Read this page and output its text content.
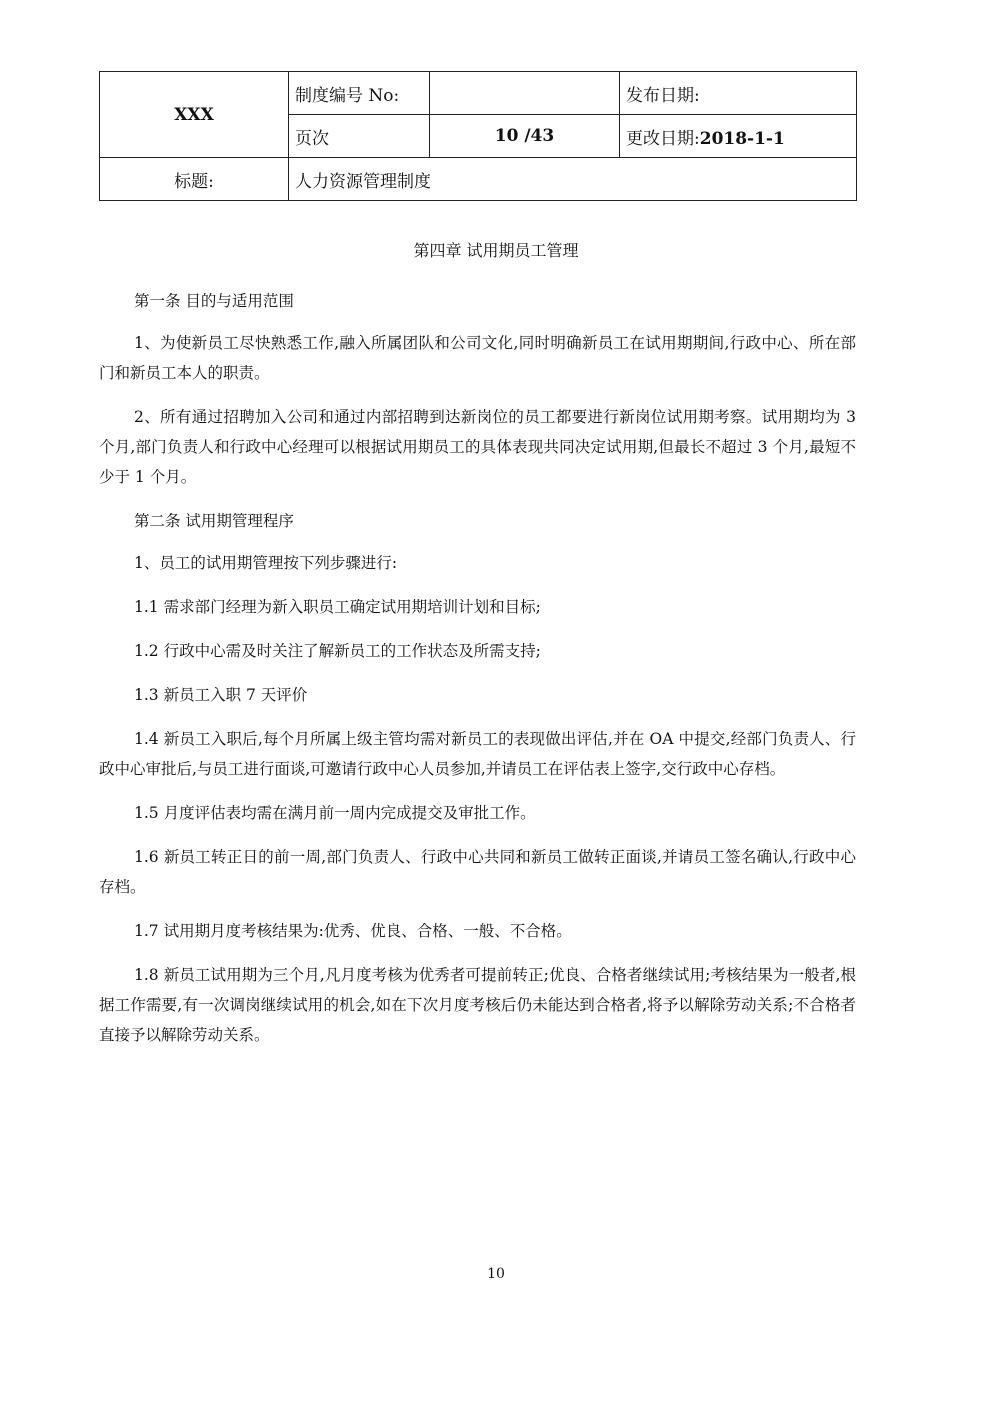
XXX	制度编号 No:		发布日期:
	页次	10 /43	更改日期:2018-1-1
标题:	人力资源管理制度		
第四章 试用期员工管理

第一条 目的与适用范围

1、为使新员工尽快熟悉工作,融入所属团队和公司文化,同时明确新员工在试用期期间,行政中心、所在部门和新员工本人的职责。

2、所有通过招聘加入公司和通过内部招聘到达新岗位的员工都要进行新岗位试用期考察。试用期均为 3 个月,部门负责人和行政中心经理可以根据试用期员工的具体表现共同决定试用期,但最长不超过 3 个月,最短不少于 1 个月。

第二条 试用期管理程序

1、员工的试用期管理按下列步骤进行:

1.1 需求部门经理为新入职员工确定试用期培训计划和目标;

1.2 行政中心需及时关注了解新员工的工作状态及所需支持;

1.3 新员工入职 7 天评价

1.4 新员工入职后,每个月所属上级主管均需对新员工的表现做出评估,并在 OA 中提交,经部门负责人、行政中心审批后,与员工进行面谈,可邀请行政中心人员参加,并请员工在评估表上签字,交行政中心存档。

1.5 月度评估表均需在满月前一周内完成提交及审批工作。

1.6 新员工转正日的前一周,部门负责人、行政中心共同和新员工做转正面谈,并请员工签名确认,行政中心存档。

1.7 试用期月度考核结果为:优秀、优良、合格、一般、不合格。

1.8 新员工试用期为三个月,凡月度考核为优秀者可提前转正;优良、合格者继续试用;考核结果为一般者,根据工作需要,有一次调岗继续试用的机会,如在下次月度考核后仍未能达到合格者,将予以解除劳动关系;不合格者直接予以解除劳动关系。

10
